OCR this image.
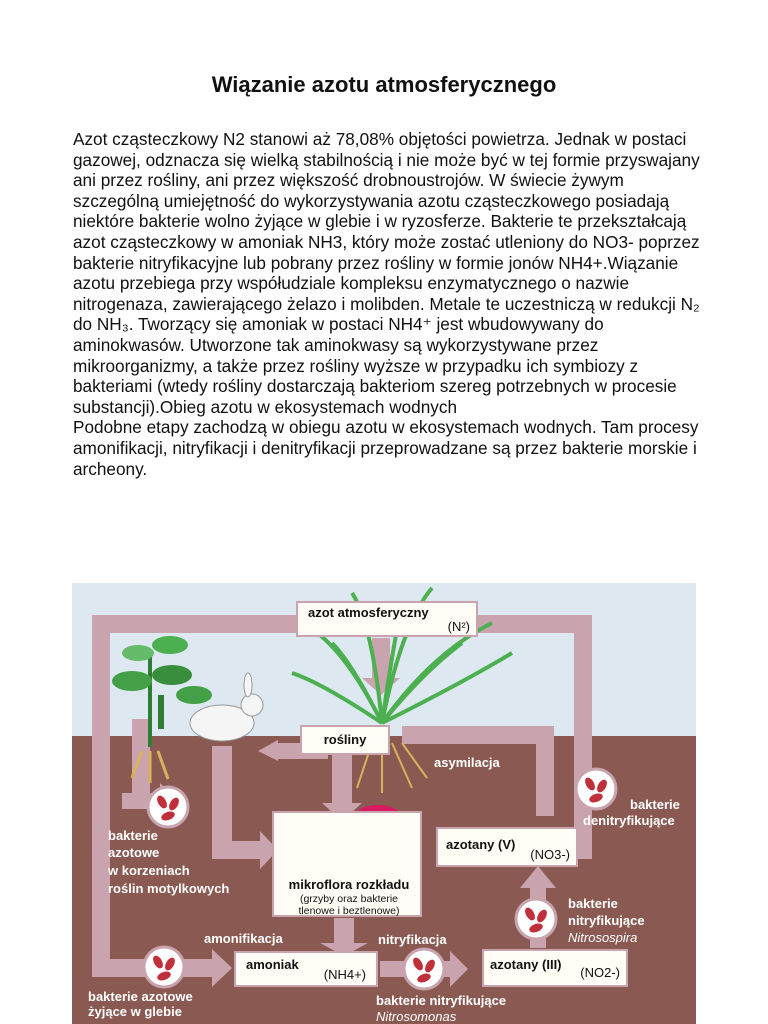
Wiązanie azotu atmosferycznego

Azot cząsteczkowy N2 stanowi aż 78,08% objętości powietrza. Jednak w postaci gazowej, odznacza się wielką stabilnością i nie może być w tej formie przyswajany ani przez rośliny, ani przez większość drobnoustrojów. W świecie żywym szczególną umiejętność do wykorzystywania azotu cząsteczkowego posiadają niektóre bakterie wolno żyjące w glebie i w ryzosferze. Bakterie te przekształcają azot cząsteczkowy w amoniak NH3, który może zostać utleniony do NO3- poprzez bakterie nitryfikacyjne lub pobrany przez rośliny w formie jonów NH4+.Wiązanie azotu przebiega przy współudziale kompleksu enzymatycznego o nazwie nitrogenaza, zawierającego żelazo i molibden. Metale te uczestniczą w redukcji N₂ do NH₃. Tworzący się amoniak w postaci NH4⁺ jest wbudowywany do aminokwasów. Utworzone tak aminokwasy są wykorzystywane przez mikroorganizmy, a także przez rośliny wyższe w przypadku ich symbiozy z bakteriami (wtedy rośliny dostarczają bakteriom szereg potrzebnych w procesie substancji).Obieg azotu w ekosystemach wodnych

Podobne etapy zachodzą w obiegu azotu w ekosystemach wodnych. Tam procesy amonifikacji, nitryfikacji i denitryfikacji przeprowadzane są przez bakterie morskie i archeony.

azot atmosferyczny
(N²)
rośliny
mikroflora rozkładu
(grzyby oraz bakterie
tlenowe i beztlenowe)
azotany (V)
(NO3-)
amoniak
(NH4+)
azotany (III)
(NO2-)
asymilacja
bakterie
denitryfikujące
bakterie
azotowe
w korzeniach
roślin motylkowych
bakterie
nitryfikujące
Nitrosospira
amonifikacja	nitryfikacja
bakterie azotowe
żyjące w glebie
bakterie nitryfikujące
Nitrosomonas
